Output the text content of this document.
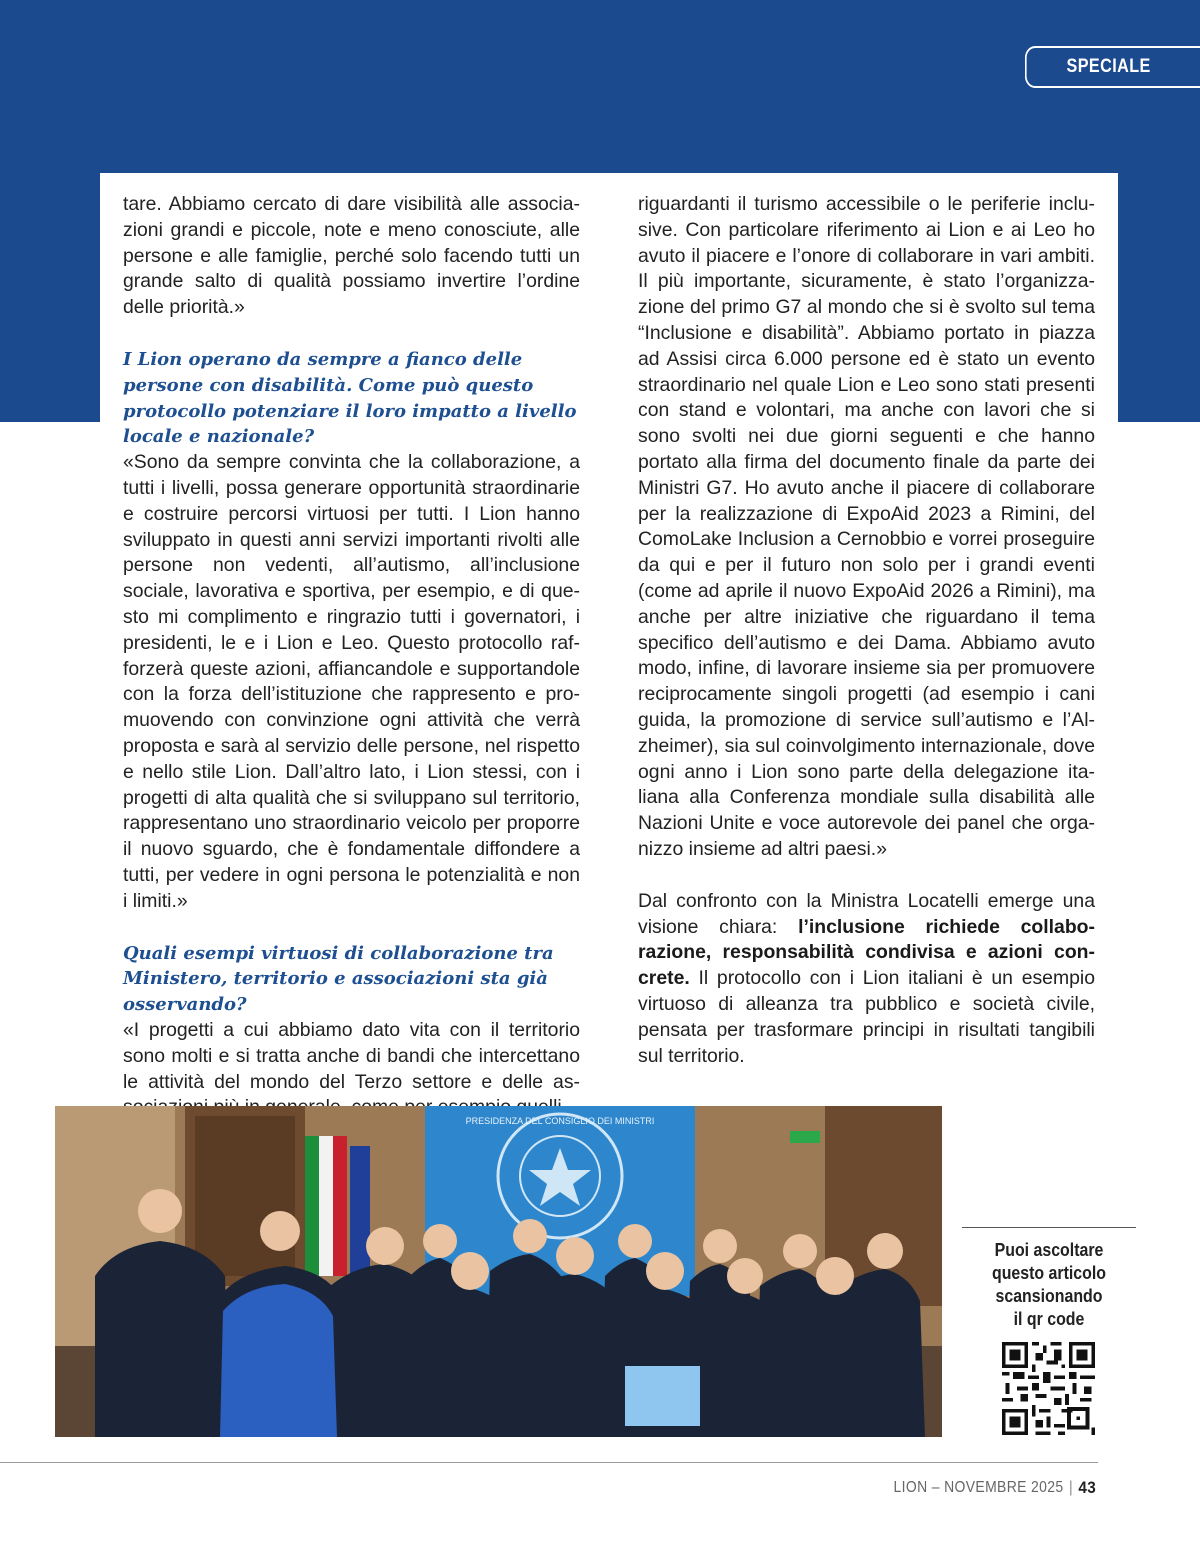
SPECIALE

tare. Abbiamo cercato di dare visibilità alle associazioni grandi e piccole, note e meno conosciute, alle persone e alle famiglie, perché solo facendo tutti un grande salto di qualità possiamo invertire l’ordine delle priorità.»

I Lion operano da sempre a fianco delle persone con disabilità. Come può questo protocollo potenziare il loro impatto a livello locale e nazionale?

«Sono da sempre convinta che la collaborazione, a tutti i livelli, possa generare opportunità straordinarie e costruire percorsi virtuosi per tutti. I Lion hanno sviluppato in questi anni servizi importanti rivolti alle persone non vedenti, all’autismo, all’inclusione sociale, lavorativa e sportiva, per esempio, e di questo mi complimento e ringrazio tutti i governatori, i presidenti, le e i Lion e Leo. Questo protocollo rafforzerà queste azioni, affiancandole e supportandole con la forza dell’istituzione che rappresento e promuovendo con convinzione ogni attività che verrà proposta e sarà al servizio delle persone, nel rispetto e nello stile Lion. Dall’altro lato, i Lion stessi, con i progetti di alta qualità che si sviluppano sul territorio, rappresentano uno straordinario veicolo per proporre il nuovo sguardo, che è fondamentale diffondere a tutti, per vedere in ogni persona le potenzialità e non i limiti.»

Quali esempi virtuosi di collaborazione tra Ministero, territorio e associazioni sta già osservando?

«I progetti a cui abbiamo dato vita con il territorio sono molti e si tratta anche di bandi che intercettano le attività del mondo del Terzo settore e delle as

riguardanti il turismo accessibile o le periferie inclusive. Con particolare riferimento ai Lion e ai Leo ho avuto il piacere e l’onore di collaborare in vari ambiti. Il più importante, sicuramente, è stato l’organizzazione del primo G7 al mondo che si è svolto sul tema “Inclusione e disabilità”. Abbiamo portato in piazza ad Assisi circa 6.000 persone ed è stato un evento straordinario nel quale Lion e Leo sono stati presenti con stand e volontari, ma anche con lavori che si sono svolti nei due giorni seguenti e che hanno portato alla firma del documento finale da parte dei Ministri G7. Ho avuto anche il piacere di collaborare per la realizzazione di ExpoAid 2023 a Rimini, del ComoLake Inclusion a Cernobbio e vorrei proseguire da qui e per il futuro non solo per i grandi eventi (come ad aprile il nuovo ExpoAid 2026 a Rimini), ma anche per altre iniziative che riguardano il tema specifico dell’autismo e dei Dama. Abbiamo avuto modo, infine, di lavorare insieme sia per promuovere reciprocamente singoli progetti (ad esempio i cani guida, la promozione di service sull’autismo e l’Alzheimer), sia sul coinvolgimento internazionale, dove ogni anno i Lion sono parte della delegazione italiana alla Conferenza mondiale sulla disabilità alle Nazioni Unite e voce autorevole dei panel che organizzo insieme ad altri paesi.»

Dal confronto con la Ministra Locatelli emerge una visione chiara: l’inclusione richiede collaborazione, responsabilità condivisa e azioni concrete. Il protocollo con i Lion italiani è un esempio virtuoso di alleanza tra pubblico e società civile, pensata per trasformare principi in risultati tangibili sul territorio.

PRESIDENZA DEL CONSIGLIO DEI MINISTRI
Puoi ascoltare
questo articolo
scansionando
il qr code
LION – NOVEMBRE 2025 | 43
